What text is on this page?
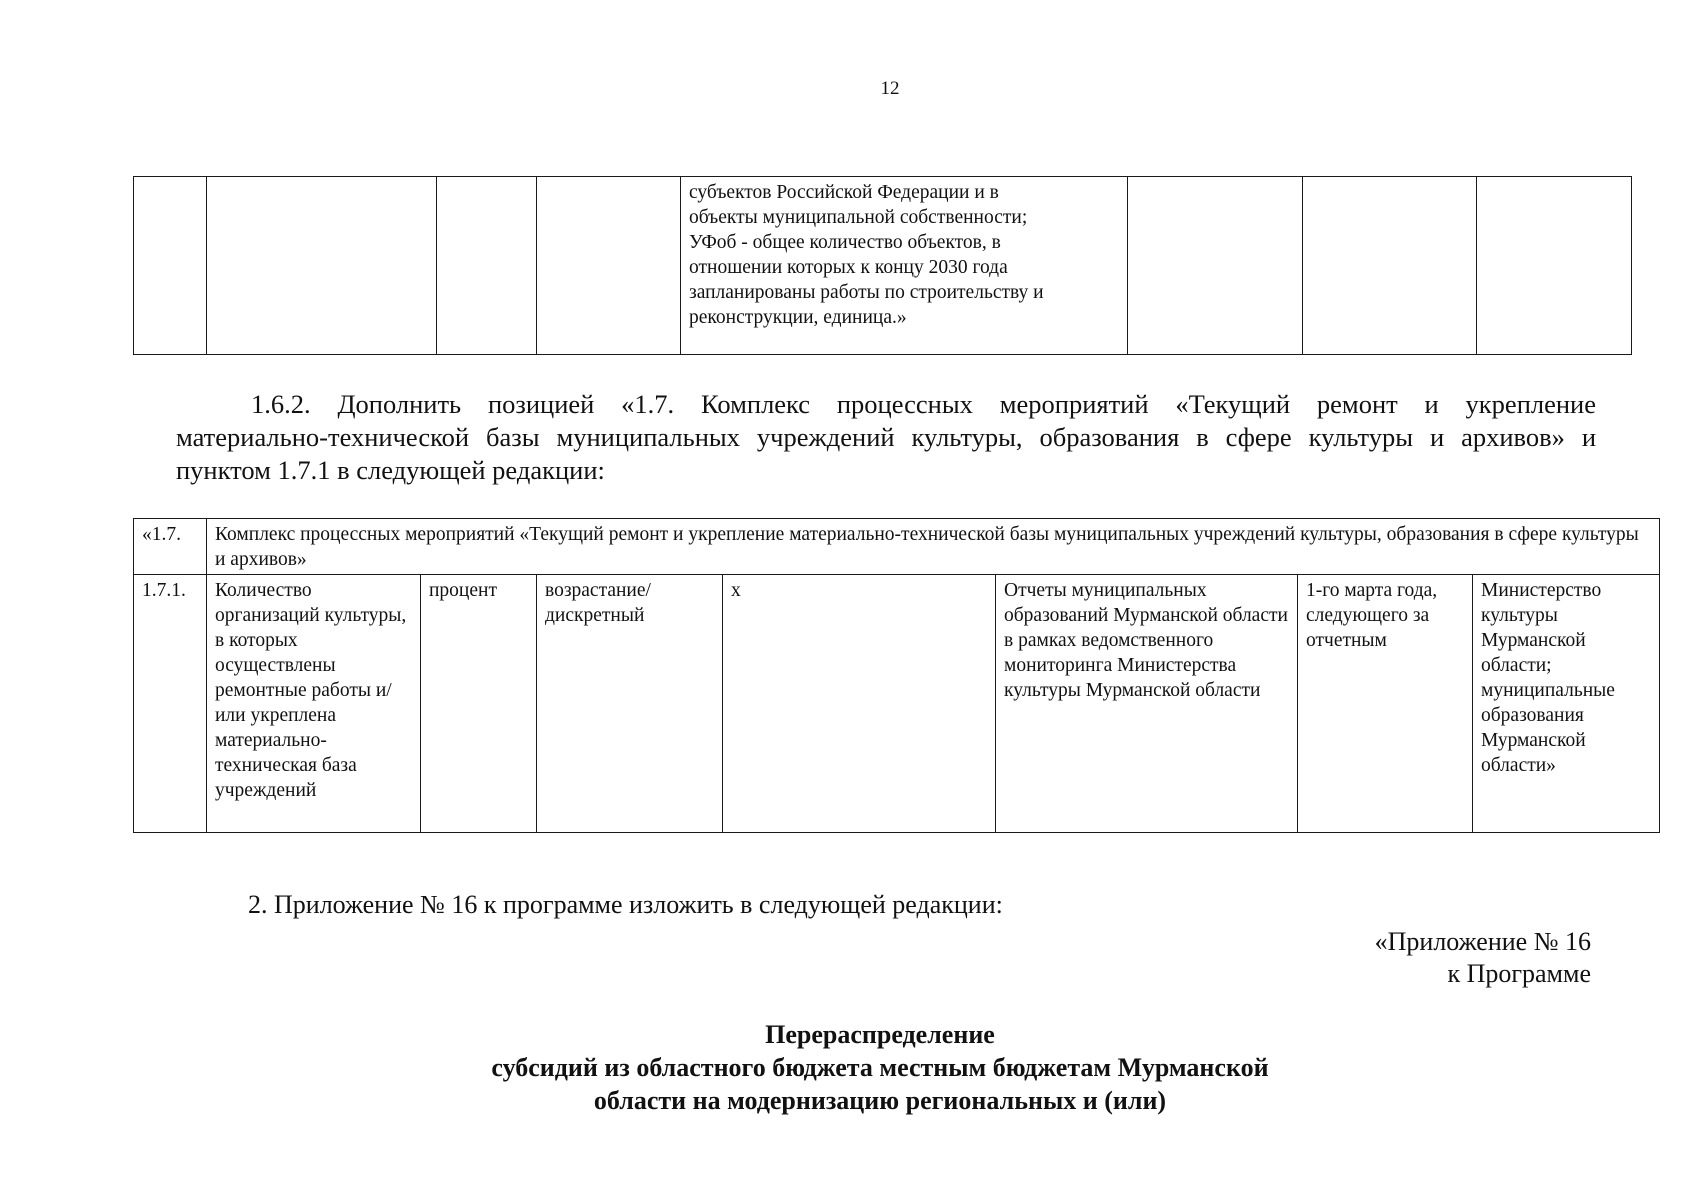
12

субъектов Российской Федерации и в
объекты муниципальной собственности;
УФоб - общее количество объектов, в
отношении которых к концу 2030 года
запланированы работы по строительству и
реконструкции, единица.»

1.6.2. Дополнить позицией «1.7. Комплекс процессных мероприятий «Текущий ремонт и укрепление
материально-технической базы муниципальных учреждений культуры, образования в сфере культуры и архивов» и
пунктом 1.7.1 в следующей редакции:
«1.7.	Комплекс процессных мероприятий «Текущий ремонт и укрепление материально-технической базы муниципальных учреждений культуры, образования в сфере культуры и архивов»						
1.7.1.	Количество организаций культуры, в которых осуществлены ремонтные работы и/или укреплена материально-техническая база учреждений	процент	возрастание/ дискретный	x	Отчеты муниципальных образований Мурманской области в рамках ведомственного мониторинга Министерства культуры Мурманской области	1-го марта года, следующего за отчетным	Министерство культуры Мурманской области; муниципальные образования Мурманской области»
2. Приложение № 16 к программе изложить в следующей редакции:
«Приложение № 16
к Программе
Перераспределение
субсидий из областного бюджета местным бюджетам Мурманской
области на модернизацию региональных и (или)
